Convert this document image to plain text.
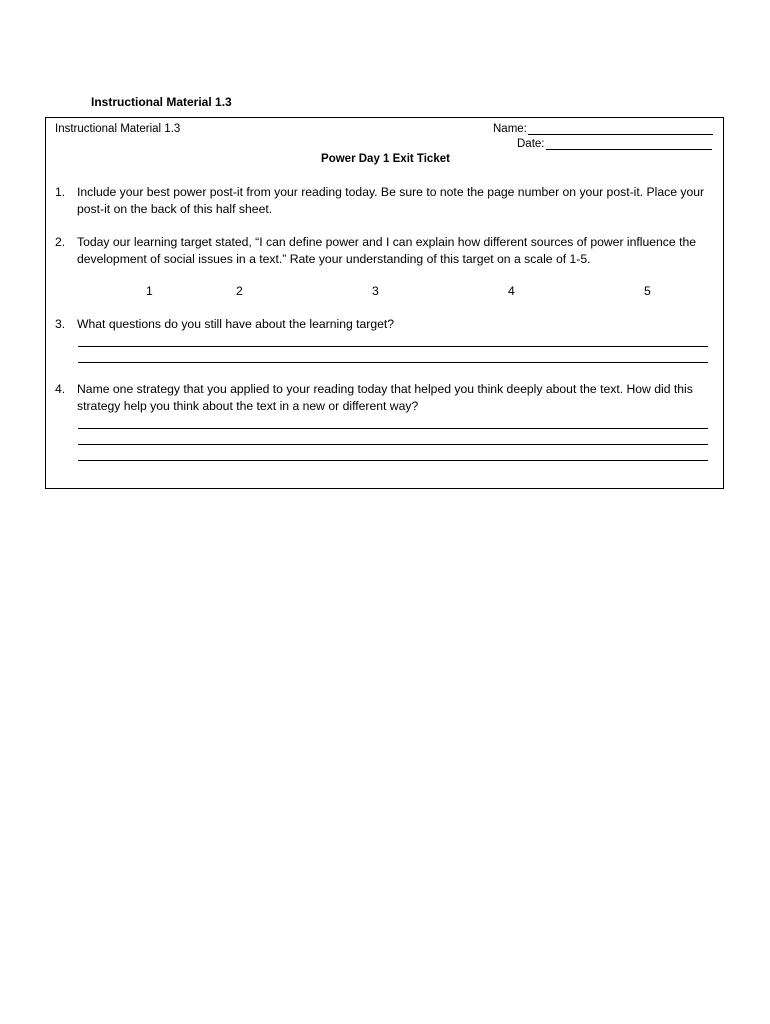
Instructional Material 1.3
Instructional Material 1.3	Name:
Date:
Power Day 1 Exit Ticket
1. Include your best power post-it from your reading today. Be sure to note the page number on your post-it. Place your post-it on the back of this half sheet.
2. Today our learning target stated, “I can define power and I can explain how different sources of power influence the development of social issues in a text.” Rate your understanding of this target on a scale of 1-5.
1	2	3	4	5
3. What questions do you still have about the learning target?
4. Name one strategy that you applied to your reading today that helped you think deeply about the text. How did this strategy help you think about the text in a new or different way?
